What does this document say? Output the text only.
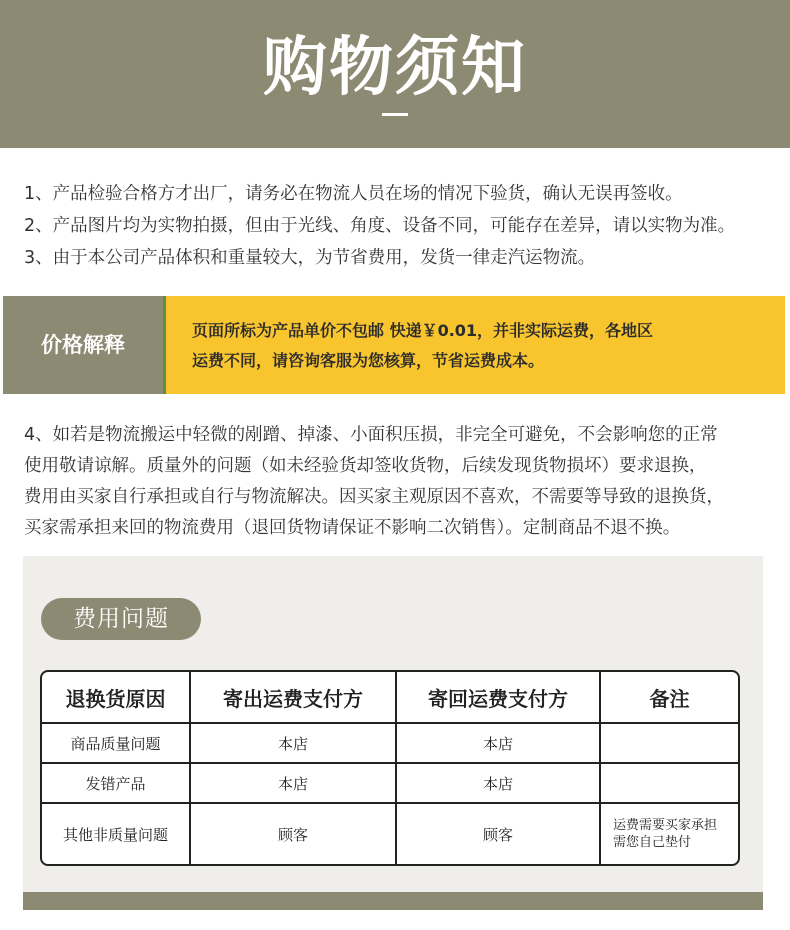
购物须知
1、产品检验合格方才出厂，请务必在物流人员在场的情况下验货，确认无误再签收。
2、产品图片均为实物拍摄，但由于光线、角度、设备不同，可能存在差异，请以实物为准。
3、由于本公司产品体积和重量较大，为节省费用，发货一律走汽运物流。
价格解释
页面所标为产品单价不包邮 快递￥0.01，并非实际运费，各地区
运费不同，请咨询客服为您核算，节省运费成本。
4、如若是物流搬运中轻微的剐蹭、掉漆、小面积压损，非完全可避免，不会影响您的正常
使用敬请谅解。质量外的问题（如未经验货却签收货物，后续发现货物损坏）要求退换，
费用由买家自行承担或自行与物流解决。因买家主观原因不喜欢，不需要等导致的退换货，
买家需承担来回的物流费用（退回货物请保证不影响二次销售）。定制商品不退不换。
费用问题
退换货原因	寄出运费支付方	寄回运费支付方	备注
商品质量问题	本店	本店	
发错产品	本店	本店	
其他非质量问题	顾客	顾客	运费需要买家承担
需您自己垫付
